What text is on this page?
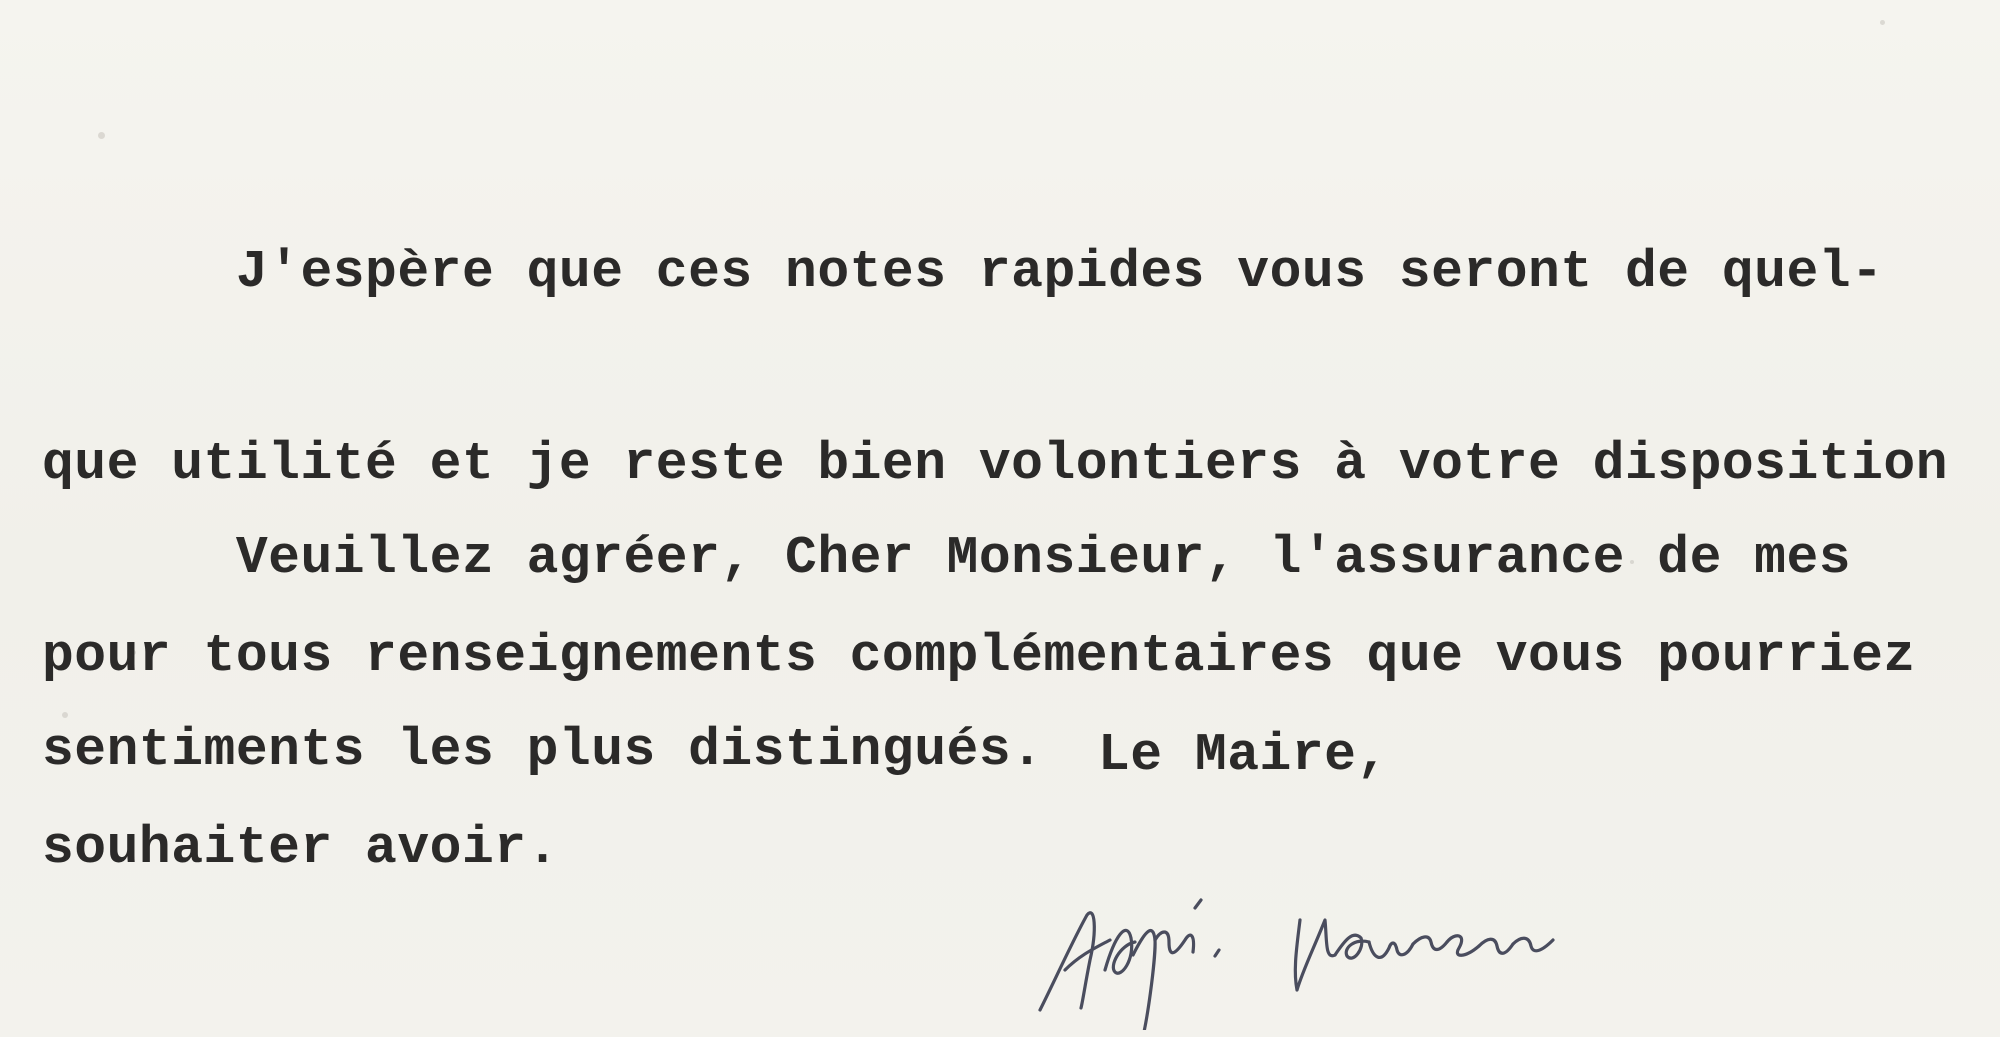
J'espère que ces notes rapides vous seront de quel-

que utilité et je reste bien volontiers à votre disposition

pour tous renseignements complémentaires que vous pourriez

souhaiter avoir.

Veuillez agréer, Cher Monsieur, l'assurance de mes

sentiments les plus distingués.

	Le Maire,
